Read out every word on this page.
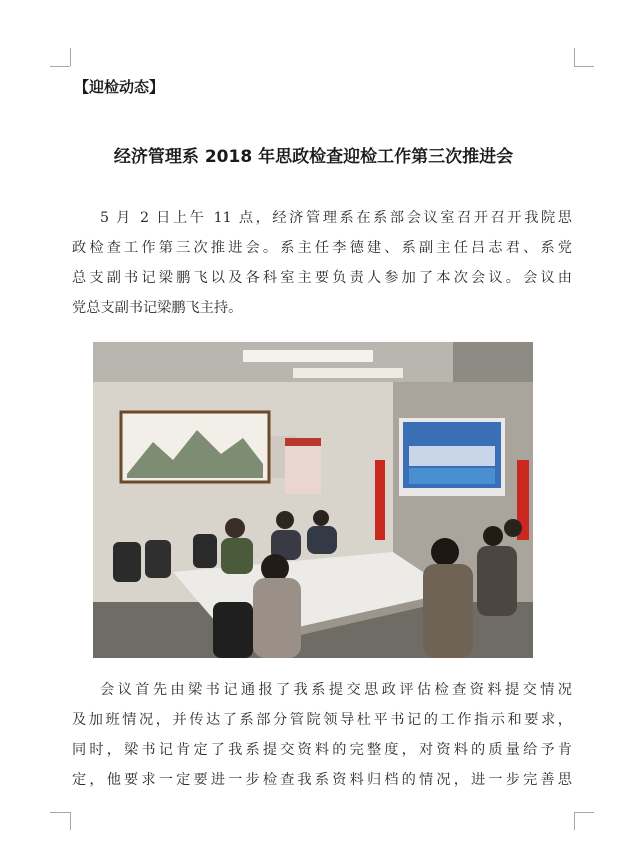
【迎检动态】
经济管理系 2018 年思政检查迎检工作第三次推进会

5 月 2 日上午 11 点，经济管理系在系部会议室召开召开我院思

政检查工作第三次推进会。系主任李德建、系副主任吕志君、系党

总支副书记梁鹏飞以及各科室主要负责人参加了本次会议。会议由

党总支副书记梁鹏飞主持。

会议首先由梁书记通报了我系提交思政评估检查资料提交情况

及加班情况，并传达了系部分管院领导杜平书记的工作指示和要求，

同时，梁书记肯定了我系提交资料的完整度，对资料的质量给予肯

定，他要求一定要进一步检查我系资料归档的情况，进一步完善思
